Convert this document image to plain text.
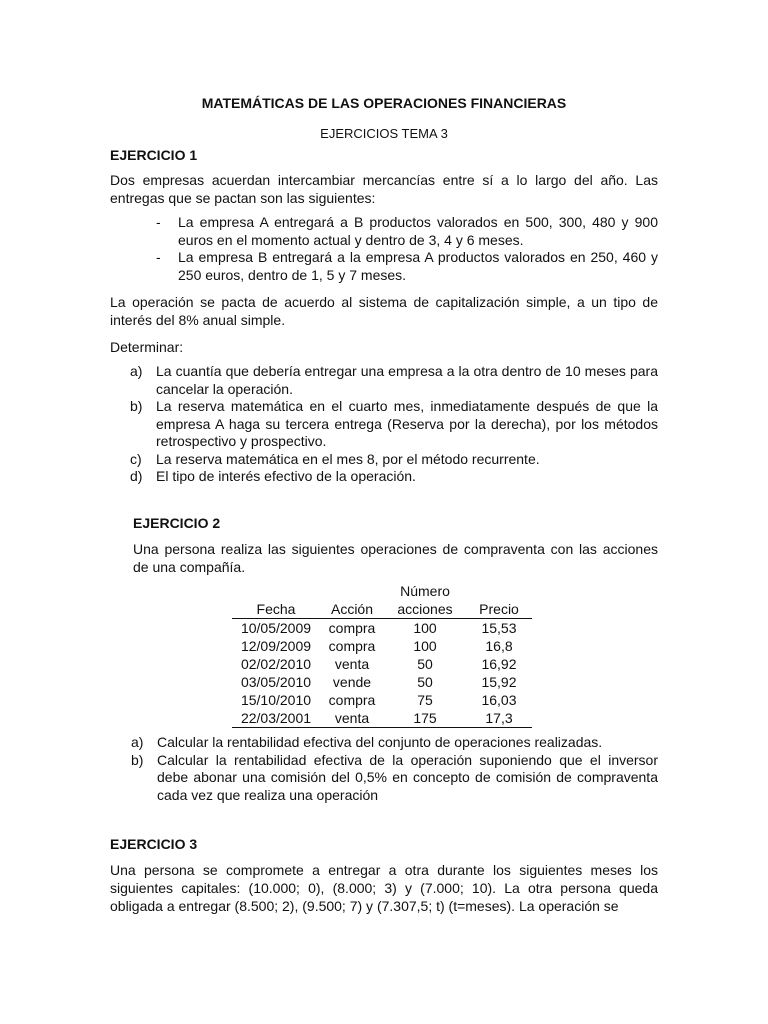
MATEMÁTICAS DE LAS OPERACIONES FINANCIERAS
EJERCICIOS TEMA 3
EJERCICIO 1

Dos empresas acuerdan intercambiar mercancías entre sí a lo largo del año. Las entregas que se pactan son las siguientes:

- La empresa A entregará a B productos valorados en 500, 300, 480 y 900 euros en el momento actual y dentro de 3, 4 y 6 meses.
- La empresa B entregará a la empresa A productos valorados en 250, 460 y 250 euros, dentro de 1, 5 y 7 meses.

La operación se pacta de acuerdo al sistema de capitalización simple, a un tipo de interés del 8% anual simple.

Determinar:

a) La cuantía que debería entregar una empresa a la otra dentro de 10 meses para cancelar la operación.
b) La reserva matemática en el cuarto mes, inmediatamente después de que la empresa A haga su tercera entrega (Reserva por la derecha), por los métodos retrospectivo y prospectivo.
c) La reserva matemática en el mes 8, por el método recurrente.
d) El tipo de interés efectivo de la operación.
EJERCICIO 2

Una persona realiza las siguientes operaciones de compraventa con las acciones de una compañía.

		Número	
Fecha	Acción	acciones	Precio
10/05/2009	compra	100	15,53
12/09/2009	compra	100	16,8
02/02/2010	venta	50	16,92
03/05/2010	vende	50	15,92
15/10/2010	compra	75	16,03
22/03/2001	venta	175	17,3
a) Calcular la rentabilidad efectiva del conjunto de operaciones realizadas.
b) Calcular la rentabilidad efectiva de la operación suponiendo que el inversor debe abonar una comisión del 0,5% en concepto de comisión de compraventa cada vez que realiza una operación
EJERCICIO 3

Una persona se compromete a entregar a otra durante los siguientes meses los siguientes capitales: (10.000; 0), (8.000; 3) y (7.000; 10). La otra persona queda obligada a entregar (8.500; 2), (9.500; 7) y (7.307,5; t) (t=meses). La operación se
